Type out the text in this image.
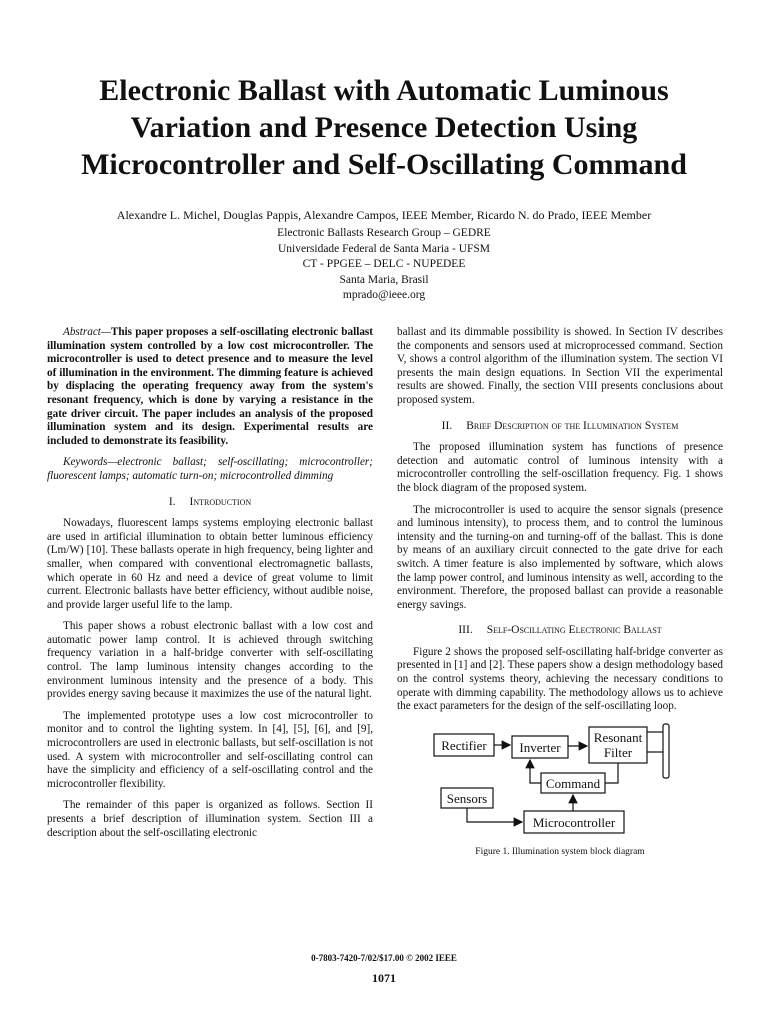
Electronic Ballast with Automatic Luminous Variation and Presence Detection Using Microcontroller and Self-Oscillating Command
Alexandre L. Michel, Douglas Pappis, Alexandre Campos, IEEE Member, Ricardo N. do Prado, IEEE Member
Electronic Ballasts Research Group – GEDRE
Universidade Federal de Santa Maria - UFSM
CT - PPGEE – DELC - NUPEDEE
Santa Maria, Brasil
mprado@ieee.org

Abstract—This paper proposes a self-oscillating electronic ballast illumination system controlled by a low cost microcontroller. The microcontroller is used to detect presence and to measure the level of illumination in the environment. The dimming feature is achieved by displacing the operating frequency away from the system's resonant frequency, which is done by varying a resistance in the gate driver circuit. The paper includes an analysis of the proposed illumination system and its design. Experimental results are included to demonstrate its feasibility.

Keywords—electronic ballast; self-oscillating; microcontroller; fluorescent lamps; automatic turn-on; microcontrolled dimming

I. Introduction

Nowadays, fluorescent lamps systems employing electronic ballast are used in artificial illumination to obtain better luminous efficiency (Lm/W) [10]. These ballasts operate in high frequency, being lighter and smaller, when compared with conventional electromagnetic ballasts, which operate in 60 Hz and need a device of great volume to limit current. Electronic ballasts have better efficiency, without audible noise, and provide larger useful life to the lamp.

This paper shows a robust electronic ballast with a low cost and automatic power lamp control. It is achieved through switching frequency variation in a half-bridge converter with self-oscillating control. The lamp luminous intensity changes according to the environment luminous intensity and the presence of a body. This provides energy saving because it maximizes the use of the natural light.

The implemented prototype uses a low cost microcontroller to monitor and to control the lighting system. In [4], [5], [6], and [9], microcontrollers are used in electronic ballasts, but self-oscillation is not used. A system with microcontroller and self-oscillating control can have the simplicity and efficiency of a self-oscillating control and the microcontroller flexibility.

The remainder of this paper is organized as follows. Section II presents a brief description of illumination system. Section III a description about the self-oscillating electronic

ballast and its dimmable possibility is showed. In Section IV describes the components and sensors used at microprocessed command. Section V, shows a control algorithm of the illumination system. The section VI presents the main design equations. In Section VII the experimental results are showed. Finally, the section VIII presents conclusions about proposed system.

II. Brief Description of the Illumination System

The proposed illumination system has functions of presence detection and automatic control of luminous intensity with a microcontroller controlling the self-oscillation frequency. Fig. 1 shows the block diagram of the proposed system.

The microcontroller is used to acquire the sensor signals (presence and luminous intensity), to process them, and to control the luminous intensity and the turning-on and turning-off of the ballast. This is done by means of an auxiliary circuit connected to the gate drive for each switch. A timer feature is also implemented by software, which alows the lamp power control, and luminous intensity as well, according to the environment. Therefore, the proposed ballast can provide a reasonable energy savings.

III. Self-Oscillating Electronic Ballast

Figure 2 shows the proposed self-oscillating half-bridge converter as presented in [1] and [2]. These papers show a design methodology based on the control systems theory, achieving the necessary conditions to operate with dimming capability. The methodology allows us to achieve the exact parameters for the design of the self-oscillating loop.

Rectifier	Inverter
Resonant
Filter
Command
Sensors
Microcontroller
Figure 1. Illumination system block diagram
0-7803-7420-7/02/$17.00 © 2002 IEEE
1071
